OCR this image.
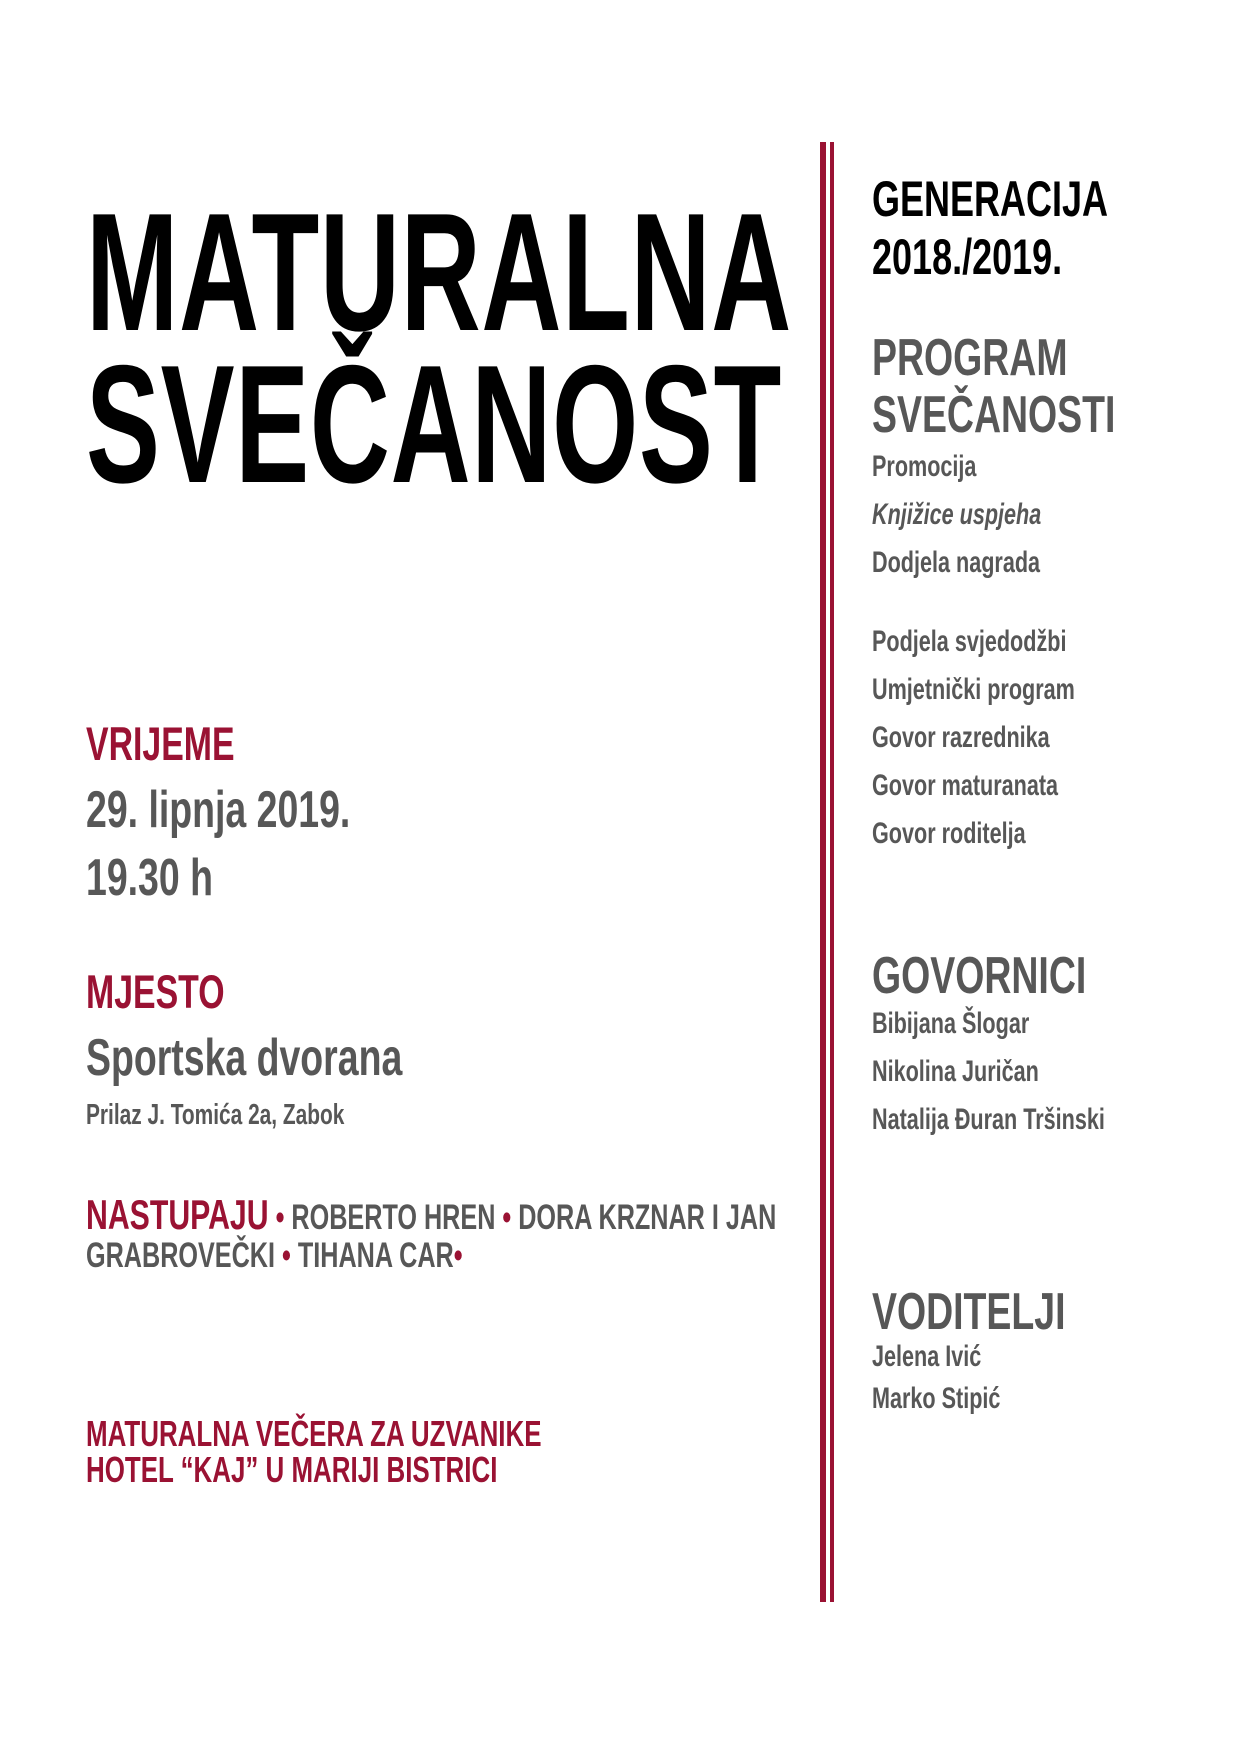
MATURALNA
SVEČANOST
VRIJEME
29. lipnja 2019.
19.30 h
MJESTO
Sportska dvorana
Prilaz J. Tomića 2a, Zabok
NASTUPAJU • ROBERTO HREN • DORA KRZNAR I JAN GRABROVEČKI • TIHANA CAR•
MATURALNA VEČERA ZA UZVANIKE
HOTEL “KAJ” U MARIJI BISTRICI
GENERACIJA
2018./2019.
PROGRAM
SVEČANOSTI
Promocija
Knjižice uspjeha
Dodjela nagrada
Podjela svjedodžbi
Umjetnički program
Govor razrednika
Govor maturanata
Govor roditelja
GOVORNICI
Bibijana Šlogar
Nikolina Juričan
Natalija Đuran Tršinski
VODITELJI
Jelena Ivić
Marko Stipić
